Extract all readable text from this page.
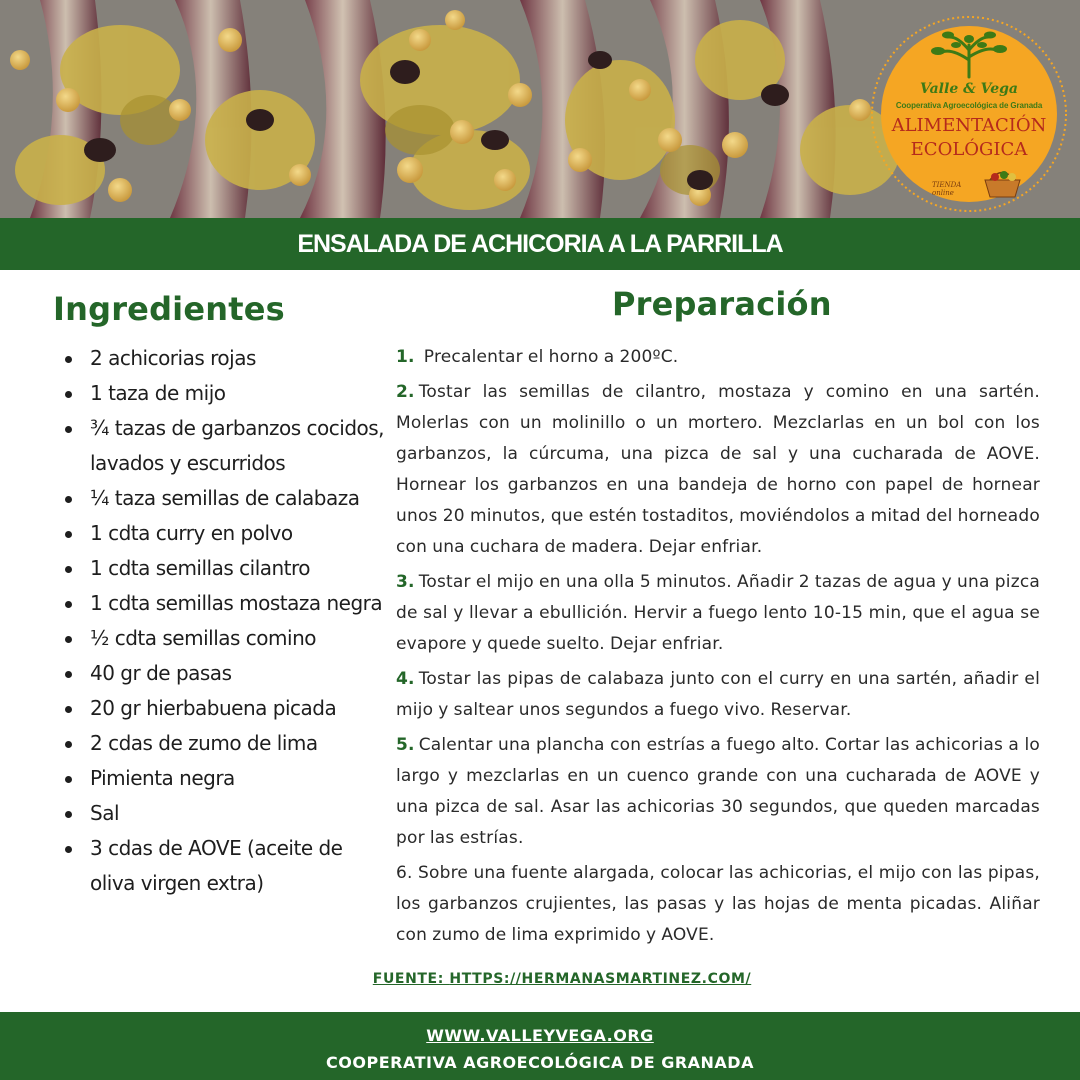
Valle & Vega
Cooperativa Agroecológica de Granada
ALIMENTACIÓN
ECOLÓGICA
TIENDA online
ENSALADA DE ACHICORIA A LA PARRILLA
Ingredientes
2 achicorias rojas
1 taza de mijo
¾ tazas de garbanzos cocidos, lavados y escurridos
¼ taza semillas de calabaza
1 cdta curry en polvo
1 cdta semillas cilantro
1 cdta semillas mostaza negra
½ cdta semillas comino
40 gr de pasas
20 gr hierbabuena picada
2 cdas de zumo de lima
Pimienta negra
Sal
3 cdas de AOVE (aceite de oliva virgen extra)
Preparación

1. Precalentar el horno a 200ºC.

2. Tostar las semillas de cilantro, mostaza y comino en una sartén. Molerlas con un molinillo o un mortero. Mezclarlas en un bol con los garbanzos, la cúrcuma, una pizca de sal y una cucharada de AOVE. Hornear los garbanzos en una bandeja de horno con papel de hornear unos 20 minutos, que estén tostaditos, moviéndolos a mitad del horneado con una cuchara de madera. Dejar enfriar.

3. Tostar el mijo en una olla 5 minutos. Añadir 2 tazas de agua y una pizca de sal y llevar a ebullición. Hervir a fuego lento 10-15 min, que el agua se evapore y quede suelto. Dejar enfriar.

4. Tostar las pipas de calabaza junto con el curry en una sartén, añadir el mijo y saltear unos segundos a fuego vivo. Reservar.

5. Calentar una plancha con estrías a fuego alto. Cortar las achicorias a lo largo y mezclarlas en un cuenco grande con una cucharada de AOVE y una pizca de sal. Asar las achicorias 30 segundos, que queden marcadas por las estrías.

6. Sobre una fuente alargada, colocar las achicorias, el mijo con las pipas, los garbanzos crujientes, las pasas y las hojas de menta picadas. Aliñar con zumo de lima exprimido y AOVE.

FUENTE: HTTPS://HERMANASMARTINEZ.COM/
WWW.VALLEYVEGA.ORG
COOPERATIVA AGROECOLÓGICA DE GRANADA
